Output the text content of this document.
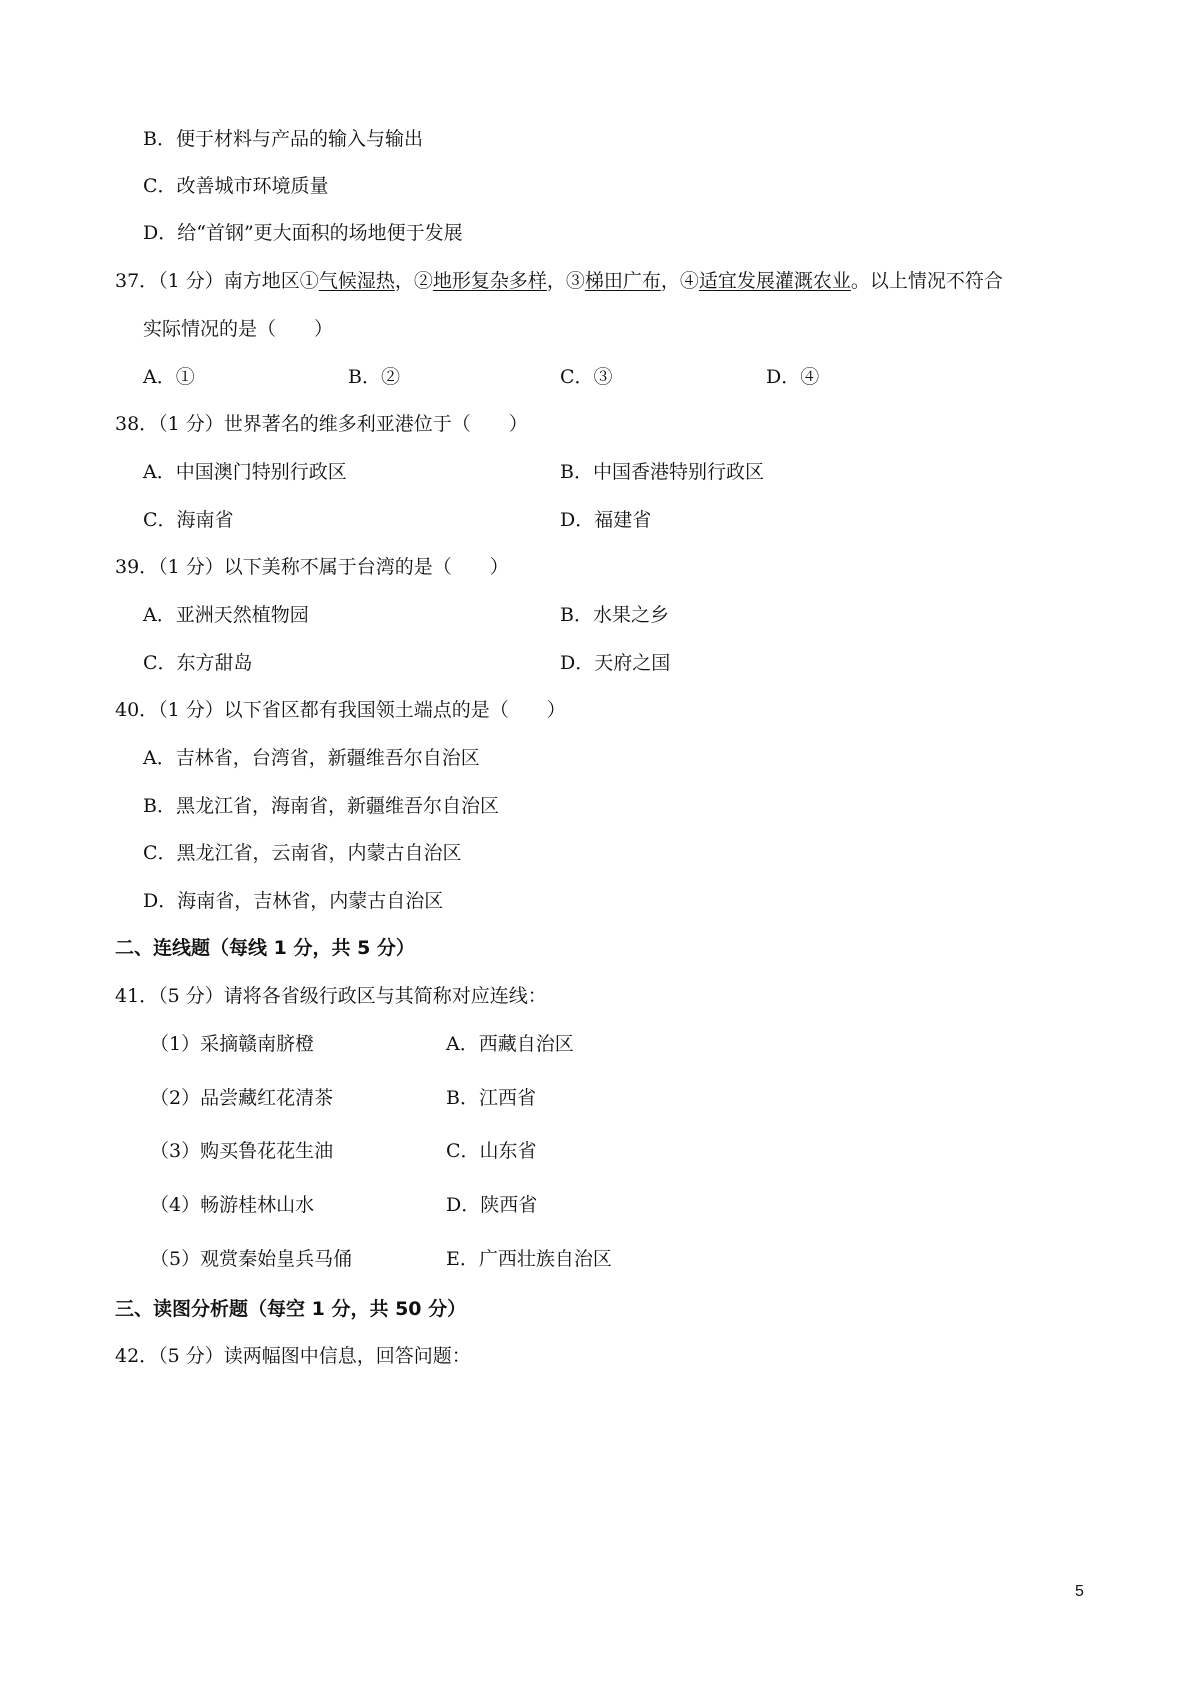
B．便于材料与产品的输入与输出
C．改善城市环境质量
D．给“首钢”更大面积的场地便于发展
37．（1 分）南方地区①气候湿热，②地形复杂多样，③梯田广布，④适宜发展灌溉农业。以上情况不符合
实际情况的是（　　）
A．①	B．②	C．③	D．④
38．（1 分）世界著名的维多利亚港位于（　　）
A．中国澳门特别行政区	B．中国香港特别行政区
C．海南省	D．福建省
39．（1 分）以下美称不属于台湾的是（　　）
A．亚洲天然植物园	B．水果之乡
C．东方甜岛	D．天府之国
40．（1 分）以下省区都有我国领土端点的是（　　）
A．吉林省，台湾省，新疆维吾尔自治区
B．黑龙江省，海南省，新疆维吾尔自治区
C．黑龙江省，云南省，内蒙古自治区
D．海南省，吉林省，内蒙古自治区
二、连线题（每线 1 分，共 5 分）
41．（5 分）请将各省级行政区与其简称对应连线：
（1）采摘赣南脐橙	A．西藏自治区
（2）品尝藏红花清茶	B．江西省
（3）购买鲁花花生油	C．山东省
（4）畅游桂林山水	D．陕西省
（5）观赏秦始皇兵马俑	E．广西壮族自治区
三、读图分析题（每空 1 分，共 50 分）
42．（5 分）读两幅图中信息，回答问题：
5
